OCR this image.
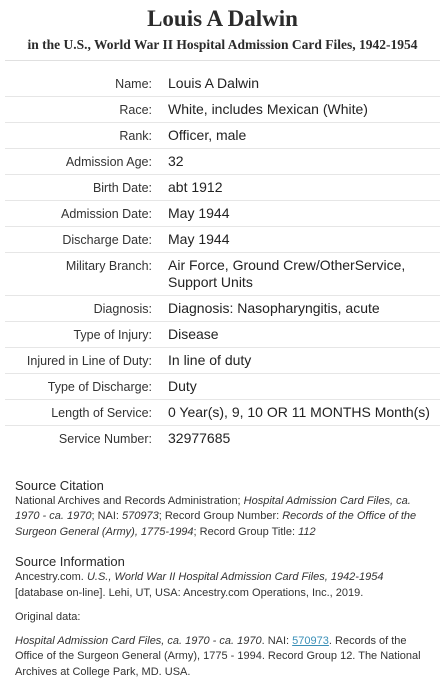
Louis A Dalwin
in the U.S., World War II Hospital Admission Card Files, 1942-1954
Name:	Louis A Dalwin
Race:	White, includes Mexican (White)
Rank:	Officer, male
Admission Age:	32
Birth Date:	abt 1912
Admission Date:	May 1944
Discharge Date:	May 1944
Military Branch:	Air Force, Ground Crew/OtherService, Support Units
Diagnosis:	Diagnosis: Nasopharyngitis, acute
Type of Injury:	Disease
Injured in Line of Duty:	In line of duty
Type of Discharge:	Duty
Length of Service:	0 Year(s), 9, 10 OR 11 MONTHS Month(s)
Service Number:	32977685
Source Citation
National Archives and Records Administration; Hospital Admission Card Files, ca. 1970 - ca. 1970; NAI: 570973; Record Group Number: Records of the Office of the Surgeon General (Army), 1775-1994; Record Group Title: 112
Source Information
Ancestry.com. U.S., World War II Hospital Admission Card Files, 1942-1954 [database on-line]. Lehi, UT, USA: Ancestry.com Operations, Inc., 2019.
Original data:
Hospital Admission Card Files, ca. 1970 - ca. 1970. NAI: 570973. Records of the Office of the Surgeon General (Army), 1775 - 1994. Record Group 12. The National Archives at College Park, MD. USA.
